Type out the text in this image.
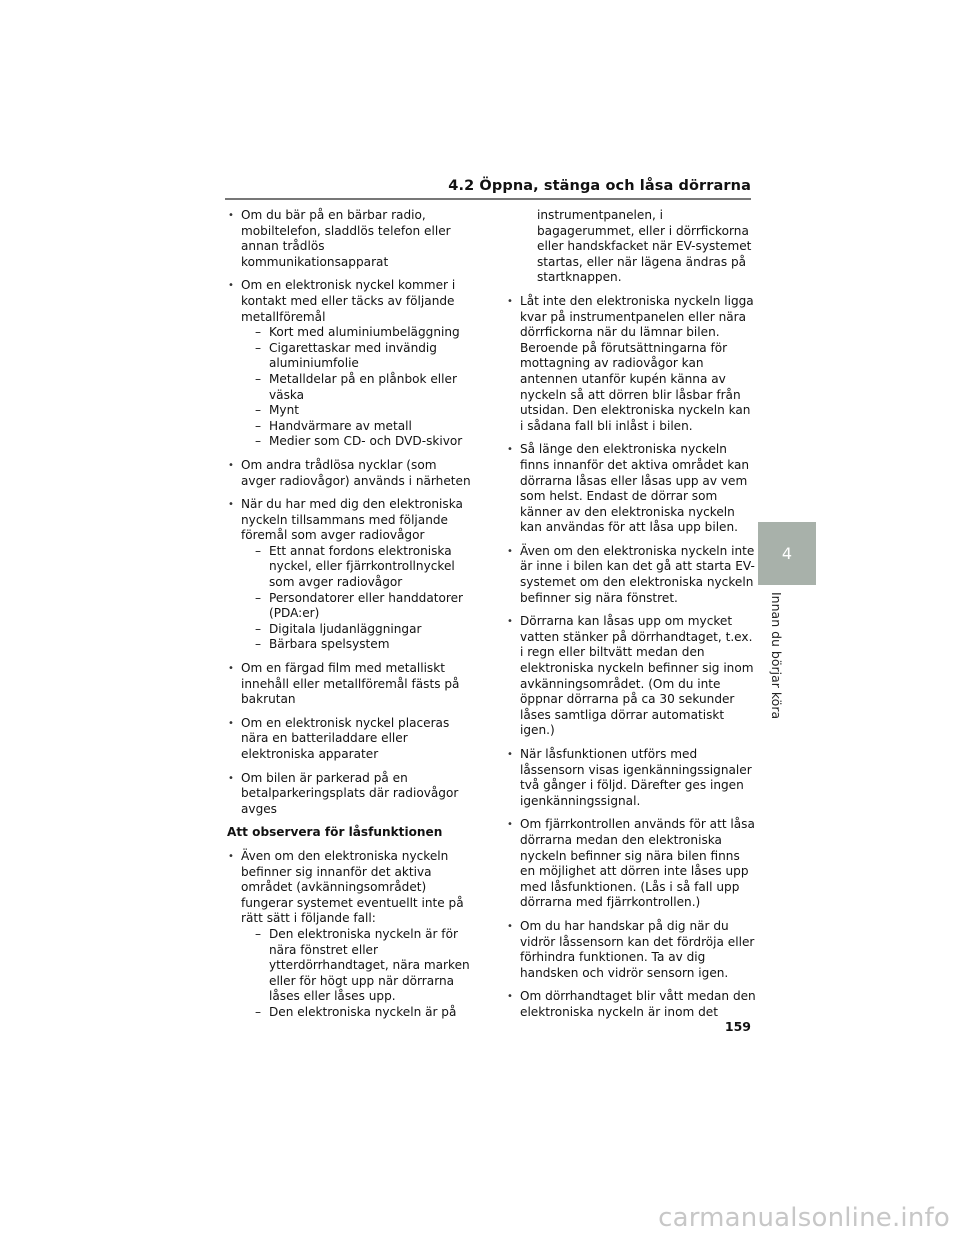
4.2 Öppna, stänga och låsa dörrarna
• Om du bär på en bärbar radio, mobiltelefon, sladdlös telefon eller annan trådlös kommunikationsapparat
• Om en elektronisk nyckel kommer i kontakt med eller täcks av följande metallföremål
– Kort med aluminiumbeläggning
– Cigarettaskar med invändig aluminiumfolie
– Metalldelar på en plånbok eller väska
– Mynt
– Handvärmare av metall
– Medier som CD- och DVD-skivor
• Om andra trådlösa nycklar (som avger radiovågor) används i närheten
• När du har med dig den elektroniska nyckeln tillsammans med följande föremål som avger radiovågor
– Ett annat fordons elektroniska nyckel, eller fjärrkontrollnyckel som avger radiovågor
– Persondatorer eller handdatorer (PDA:er)
– Digitala ljudanläggningar
– Bärbara spelsystem
• Om en färgad film med metalliskt innehåll eller metallföremål fästs på bakrutan
• Om en elektronisk nyckel placeras nära en batteriladdare eller elektroniska apparater
• Om bilen är parkerad på en betalparkeringsplats där radiovågor avges
Att observera för låsfunktionen
• Även om den elektroniska nyckeln befinner sig innanför det aktiva området (avkänningsområdet) fungerar systemet eventuellt inte på rätt sätt i följande fall:
– Den elektroniska nyckeln är för nära fönstret eller ytterdörrhandtaget, nära marken eller för högt upp när dörrarna låses eller låses upp.
– Den elektroniska nyckeln är på
instrumentpanelen, i bagagerummet, eller i dörrfickorna eller handskfacket när EV-systemet startas, eller när lägena ändras på startknappen.
• Låt inte den elektroniska nyckeln ligga kvar på instrumentpanelen eller nära dörrfickorna när du lämnar bilen. Beroende på förutsättningarna för mottagning av radiovågor kan antennen utanför kupén känna av nyckeln så att dörren blir låsbar från utsidan. Den elektroniska nyckeln kan i sådana fall bli inlåst i bilen.
• Så länge den elektroniska nyckeln finns innanför det aktiva området kan dörrarna låsas eller låsas upp av vem som helst. Endast de dörrar som känner av den elektroniska nyckeln kan användas för att låsa upp bilen.
• Även om den elektroniska nyckeln inte är inne i bilen kan det gå att starta EV-systemet om den elektroniska nyckeln befinner sig nära fönstret.
• Dörrarna kan låsas upp om mycket vatten stänker på dörrhandtaget, t.ex. i regn eller biltvätt medan den elektroniska nyckeln befinner sig inom avkänningsområdet. (Om du inte öppnar dörrarna på ca 30 sekunder låses samtliga dörrar automatiskt igen.)
• När låsfunktionen utförs med låssensorn visas igenkänningssignaler två gånger i följd. Därefter ges ingen igenkänningssignal.
• Om fjärrkontrollen används för att låsa dörrarna medan den elektroniska nyckeln befinner sig nära bilen finns en möjlighet att dörren inte låses upp med låsfunktionen. (Lås i så fall upp dörrarna med fjärrkontrollen.)
• Om du har handskar på dig när du vidrör låssensorn kan det fördröja eller förhindra funktionen. Ta av dig handsken och vidrör sensorn igen.
• Om dörrhandtaget blir vått medan den elektroniska nyckeln är inom det
4
Innan du börjar köra
159
carmanualsonline.info
